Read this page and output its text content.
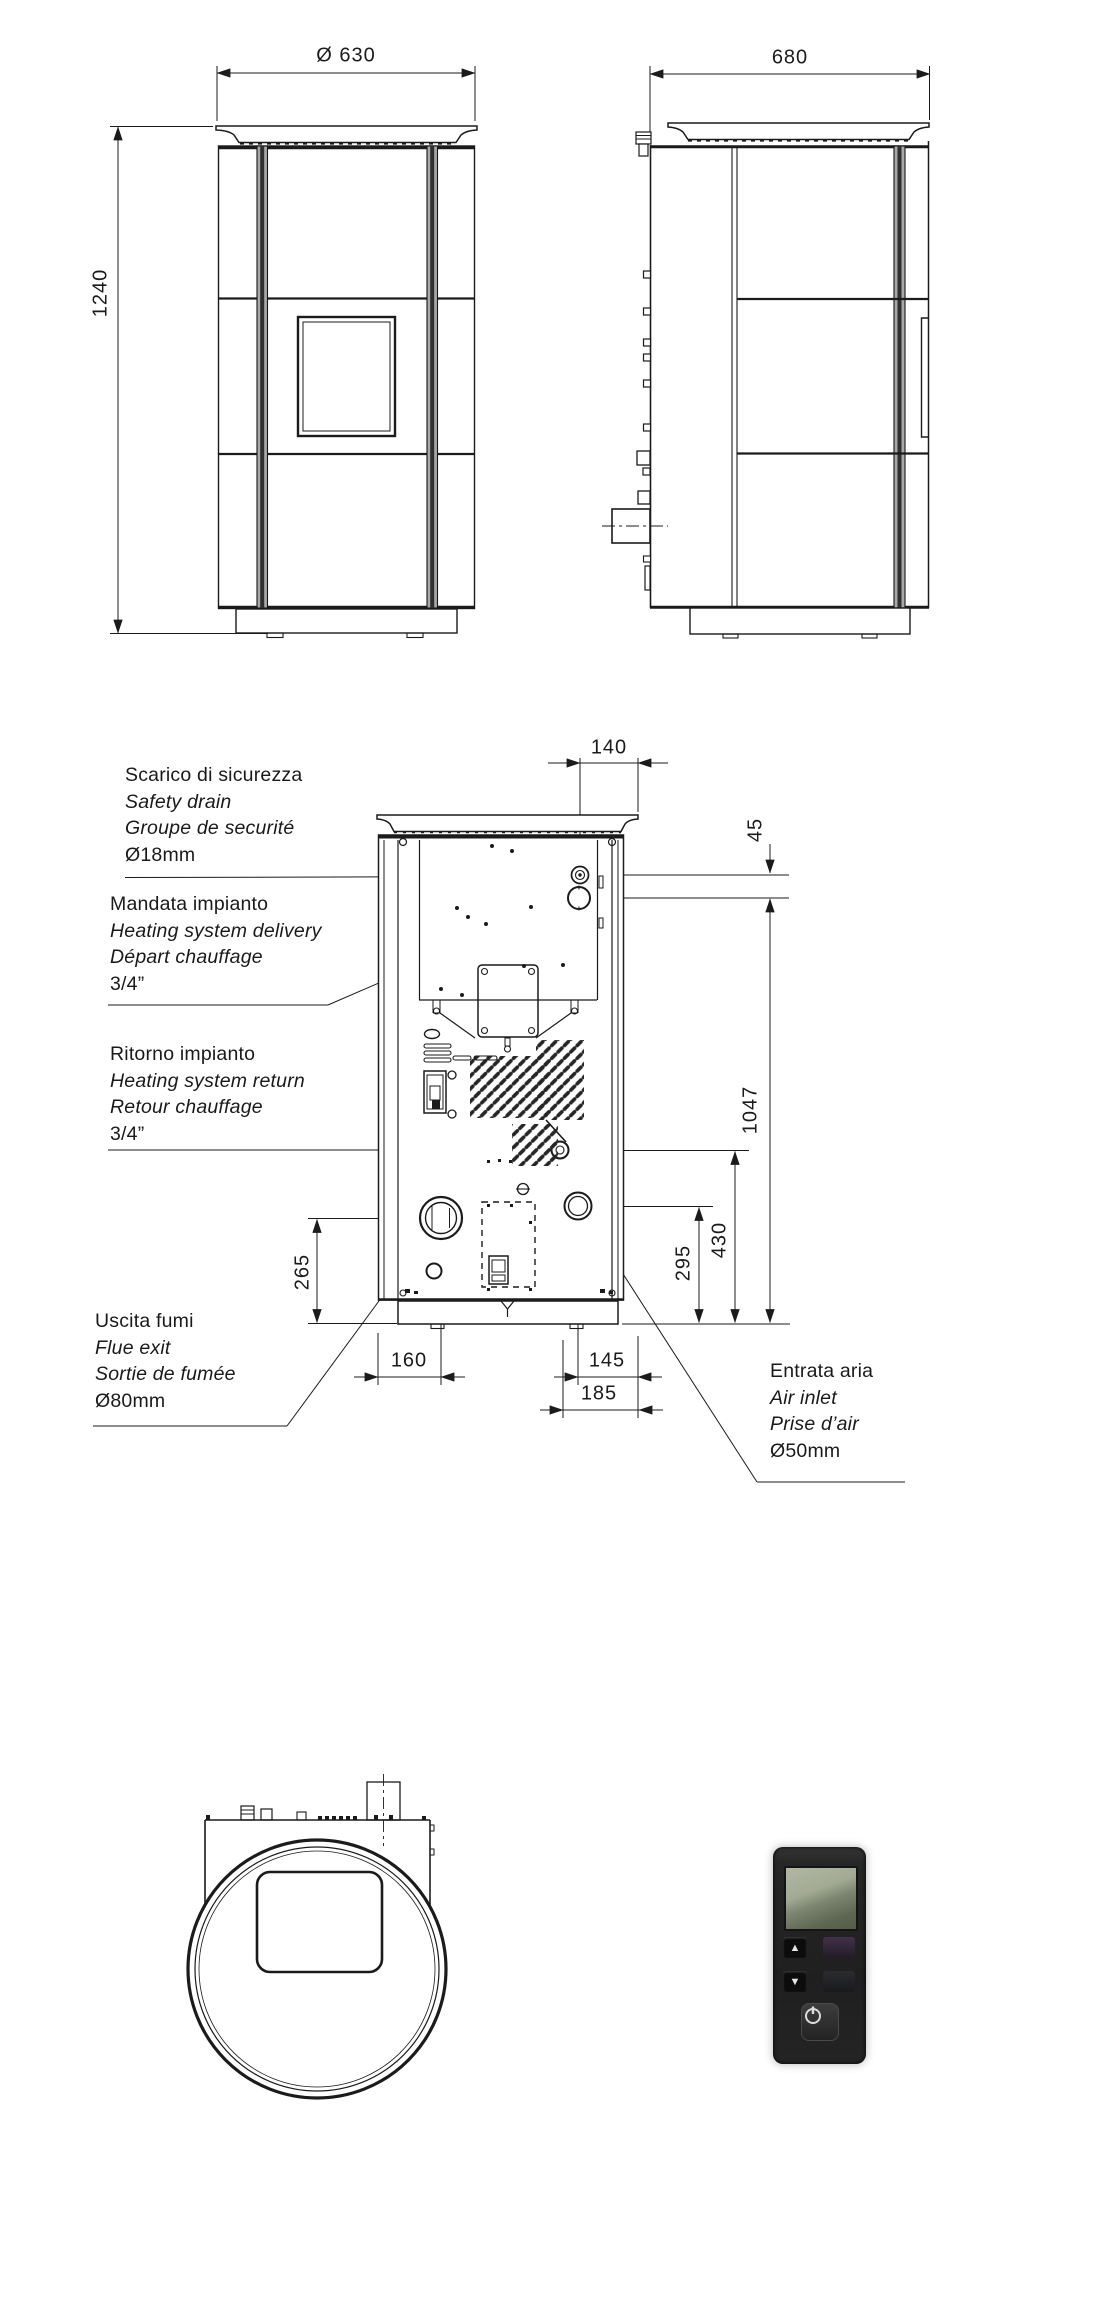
Ø 630
1240
680
140
45
1047
430
295
265
160	145
185
Scarico di sicurezza
Safety drain
Groupe de securité
Ø18mm
Mandata impianto
Heating system delivery
Départ chauffage
3/4”
Ritorno impianto
Heating system return
Retour chauffage
3/4”
Uscita fumi
Flue exit
Sortie de fumée
Ø80mm
Entrata aria
Air inlet
Prise d’air
Ø50mm
▲
▼
